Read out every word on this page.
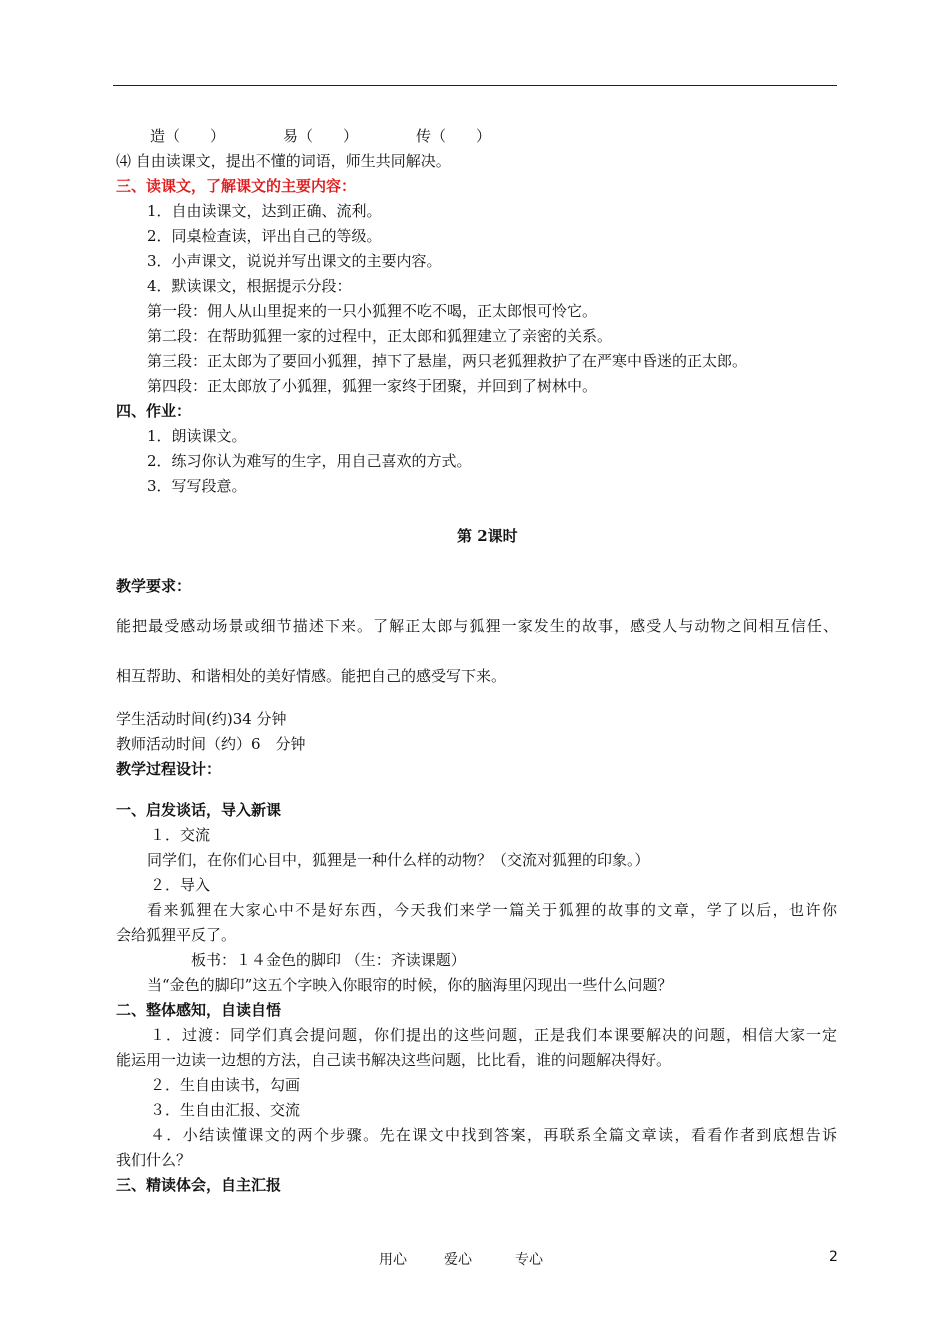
造（　　）	易（　　）	传（　　）
⑷ 自由读课文，提出不懂的词语，师生共同解决。
三、读课文，了解课文的主要内容：
1．自由读课文，达到正确、流利。
2．同桌检查读，评出自己的等级。
3．小声课文，说说并写出课文的主要内容。
4．默读课文，根据提示分段：
第一段：佣人从山里捉来的一只小狐狸不吃不喝，正太郎恨可怜它。
第二段：在帮助狐狸一家的过程中，正太郎和狐狸建立了亲密的关系。
第三段：正太郎为了要回小狐狸，掉下了悬崖，两只老狐狸救护了在严寒中昏迷的正太郎。
第四段：正太郎放了小狐狸，狐狸一家终于团聚，并回到了树林中。
四、作业：
1．朗读课文。
2．练习你认为难写的生字，用自己喜欢的方式。
3．写写段意。
第 2课时
教学要求：
能把最受感动场景或细节描述下来。了解正太郎与狐狸一家发生的故事，感受人与动物之间相互信任、
相互帮助、和谐相处的美好情感。能把自己的感受写下来。
学生活动时间(约)34 分钟
教师活动时间（约）6　分钟
教学过程设计：
一、启发谈话，导入新课
１．交流
同学们，在你们心目中，狐狸是一种什么样的动物？（交流对狐狸的印象。）
２．导入
看来狐狸在大家心中不是好东西，今天我们来学一篇关于狐狸的故事的文章，学了以后，也许你
会给狐狸平反了。
板书：１４金色的脚印 （生：齐读课题）
当“金色的脚印”这五个字映入你眼帘的时候，你的脑海里闪现出一些什么问题？
二、整体感知，自读自悟
１．过渡：同学们真会提问题，你们提出的这些问题，正是我们本课要解决的问题，相信大家一定
能运用一边读一边想的方法，自己读书解决这些问题，比比看，谁的问题解决得好。
２．生自由读书，勾画
３．生自由汇报、交流
４．小结读懂课文的两个步骤。先在课文中找到答案，再联系全篇文章读，看看作者到底想告诉
我们什么？
三、精读体会，自主汇报
用心	爱心	专心	2
